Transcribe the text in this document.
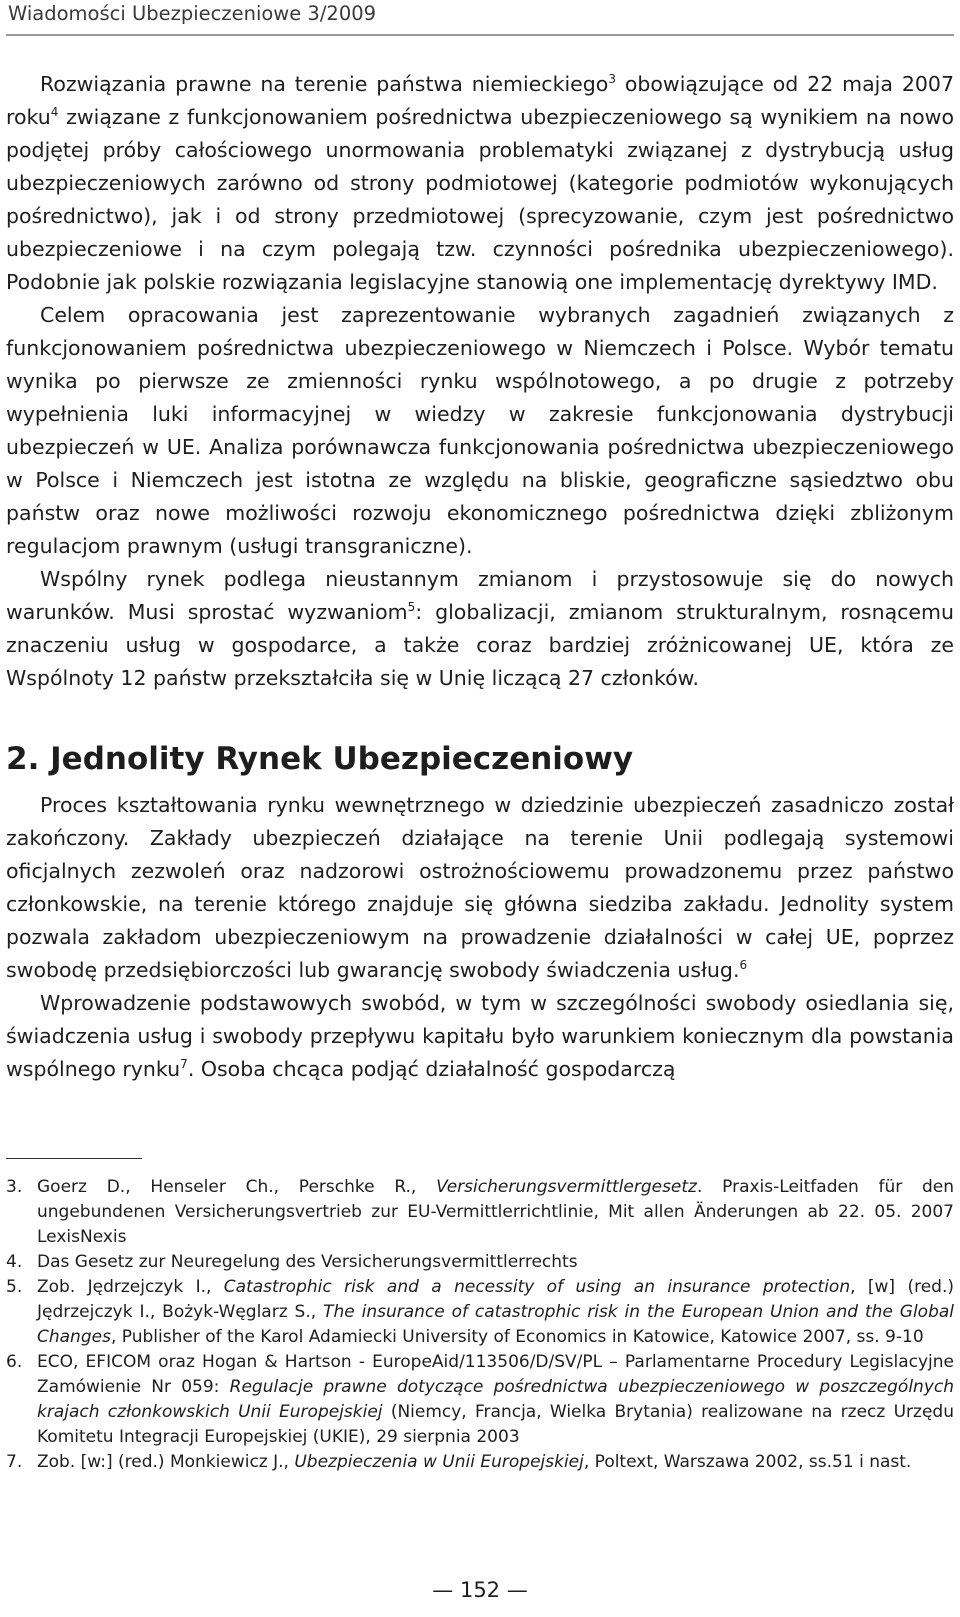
Wiadomości Ubezpieczeniowe 3/2009

Rozwiązania prawne na terenie państwa niemieckiego$^3$ obowiązujące od 22 maja 2007 roku$^4$ związane z funkcjonowaniem pośrednictwa ubezpieczeniowego są wynikiem na nowo podjętej próby całościowego unormowania problematyki związanej z dystrybucją usług ubezpieczeniowych zarówno od strony podmiotowej (kategorie podmiotów wykonujących pośrednictwo), jak i od strony przedmiotowej (sprecyzowanie, czym jest pośrednictwo ubezpieczeniowe i na czym polegają tzw. czynności pośrednika ubezpieczeniowego). Podobnie jak polskie rozwiązania legislacyjne stanowią one implementację dyrektywy IMD.

Celem opracowania jest zaprezentowanie wybranych zagadnień związanych z funkcjonowaniem pośrednictwa ubezpieczeniowego w Niemczech i Polsce. Wybór tematu wynika po pierwsze ze zmienności rynku wspólnotowego, a po drugie z potrzeby wypełnienia luki informacyjnej w wiedzy w zakresie funkcjonowania dystrybucji ubezpieczeń w UE. Analiza porównawcza funkcjonowania pośrednictwa ubezpieczeniowego w Polsce i Niemczech jest istotna ze względu na bliskie, geograficzne sąsiedztwo obu państw oraz nowe możliwości rozwoju ekonomicznego pośrednictwa dzięki zbliżonym regulacjom prawnym (usługi transgraniczne).

Wspólny rynek podlega nieustannym zmianom i przystosowuje się do nowych warunków. Musi sprostać wyzwaniom$^5$: globalizacji, zmianom strukturalnym, rosnącemu znaczeniu usług w gospodarce, a także coraz bardziej zróżnicowanej UE, która ze Wspólnoty 12 państw przekształciła się w Unię liczącą 27 członków.

2. Jednolity Rynek Ubezpieczeniowy

Proces kształtowania rynku wewnętrznego w dziedzinie ubezpieczeń zasadniczo został zakończony. Zakłady ubezpieczeń działające na terenie Unii podlegają systemowi oficjalnych zezwoleń oraz nadzorowi ostrożnościowemu prowadzonemu przez państwo członkowskie, na terenie którego znajduje się główna siedziba zakładu. Jednolity system pozwala zakładom ubezpieczeniowym na prowadzenie działalności w całej UE, poprzez swobodę przedsiębiorczości lub gwarancję swobody świadczenia usług.$^6$

Wprowadzenie podstawowych swobód, w tym w szczególności swobody osiedlania się, świadczenia usług i swobody przepływu kapitału było warunkiem koniecznym dla powstania wspólnego rynku$^7$. Osoba chcąca podjąć działalność gospodarczą

3. Goerz D., Henseler Ch., Perschke R., Versicherungsvermittlergesetz. Praxis-Leitfaden für den ungebundenen Versicherungsvertrieb zur EU-Vermittlerrichtlinie, Mit allen Änderungen ab 22. 05. 2007 LexisNexis
4. Das Gesetz zur Neuregelung des Versicherungsvermittlerrechts
5. Zob. Jędrzejczyk I., Catastrophic risk and a necessity of using an insurance protection, [w] (red.) Jędrzejczyk I., Bożyk-Węglarz S., The insurance of catastrophic risk in the European Union and the Global Changes, Publisher of the Karol Adamiecki University of Economics in Katowice, Katowice 2007, ss. 9-10
6. ECO, EFICOM oraz Hogan & Hartson - EuropeAid/113506/D/SV/PL – Parlamentarne Procedury Legislacyjne Zamówienie Nr 059: Regulacje prawne dotyczące pośrednictwa ubezpieczeniowego w poszczególnych krajach członkowskich Unii Europejskiej (Niemcy, Francja, Wielka Brytania) realizowane na rzecz Urzędu Komitetu Integracji Europejskiej (UKIE), 29 sierpnia 2003
7. Zob. [w:] (red.) Monkiewicz J., Ubezpieczenia w Unii Europejskiej, Poltext, Warszawa 2002, ss.51 i nast.
— 152 —
